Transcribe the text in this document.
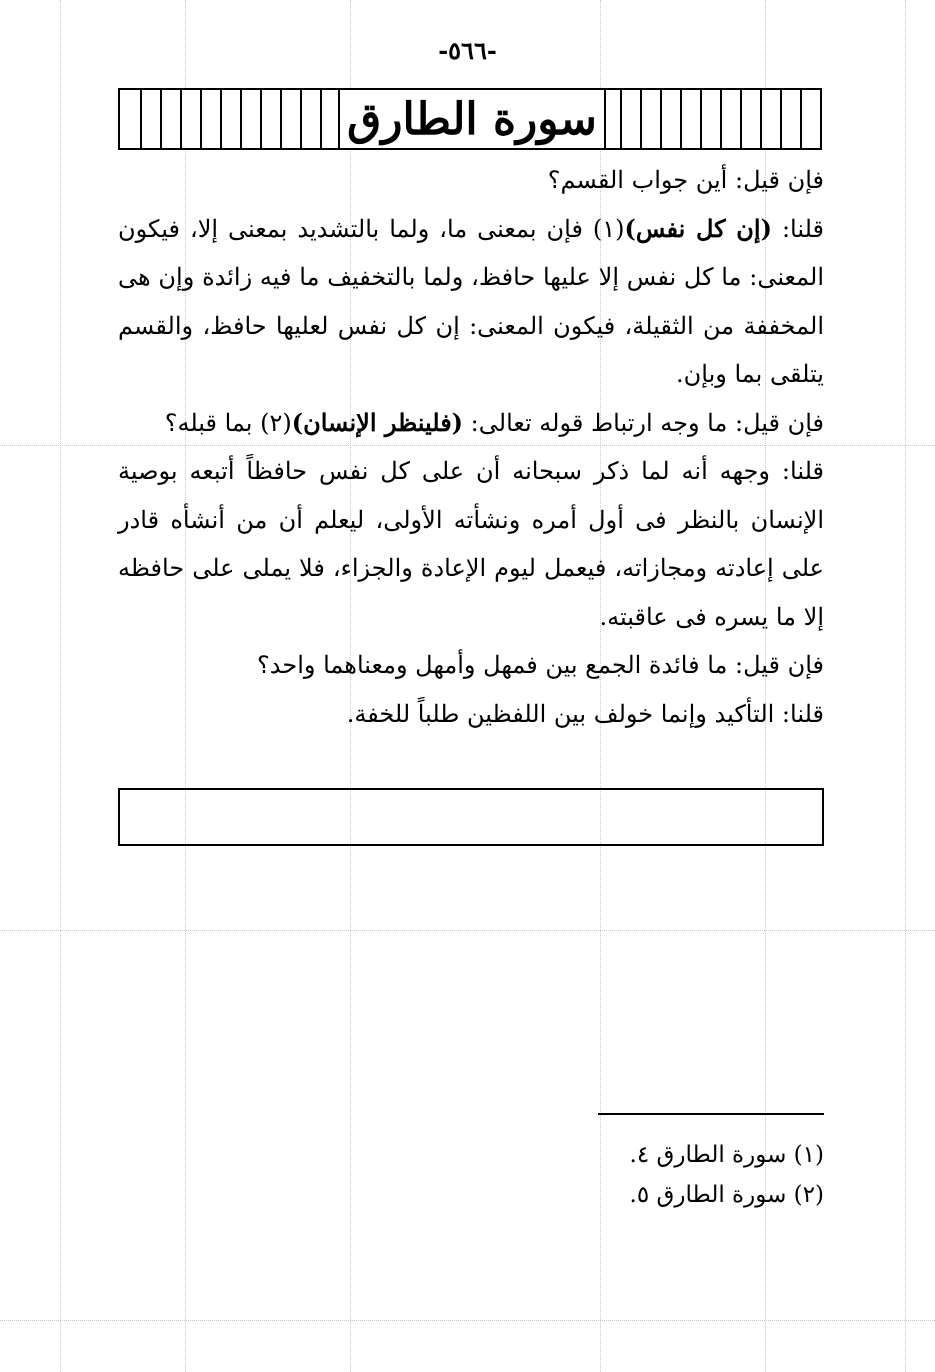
-٥٦٦-
سورة الطارق

فإن قيل: أين جواب القسم؟

قلنا: (إن كل نفس)(١) فإن بمعنى ما، ولما بالتشديد بمعنى إلا، فيكون المعنى: ما كل نفس إلا عليها حافظ، ولما بالتخفيف ما فيه زائدة وإن هى المخففة من الثقيلة، فيكون المعنى: إن كل نفس لعليها حافظ، والقسم يتلقى بما وبإن.

فإن قيل: ما وجه ارتباط قوله تعالى: (فلينظر الإنسان)(٢) بما قبله؟

قلنا: وجهه أنه لما ذكر سبحانه أن على كل نفس حافظاً أتبعه بوصية الإنسان بالنظر فى أول أمره ونشأته الأولى، ليعلم أن من أنشأه قادر على إعادته ومجازاته، فيعمل ليوم الإعادة والجزاء، فلا يملى على حافظه إلا ما يسره فى عاقبته.

فإن قيل: ما فائدة الجمع بين فمهل وأمهل ومعناهما واحد؟

قلنا: التأكيد وإنما خولف بين اللفظين طلباً للخفة.

(١) سورة الطارق ٤.

(٢) سورة الطارق ٥.
